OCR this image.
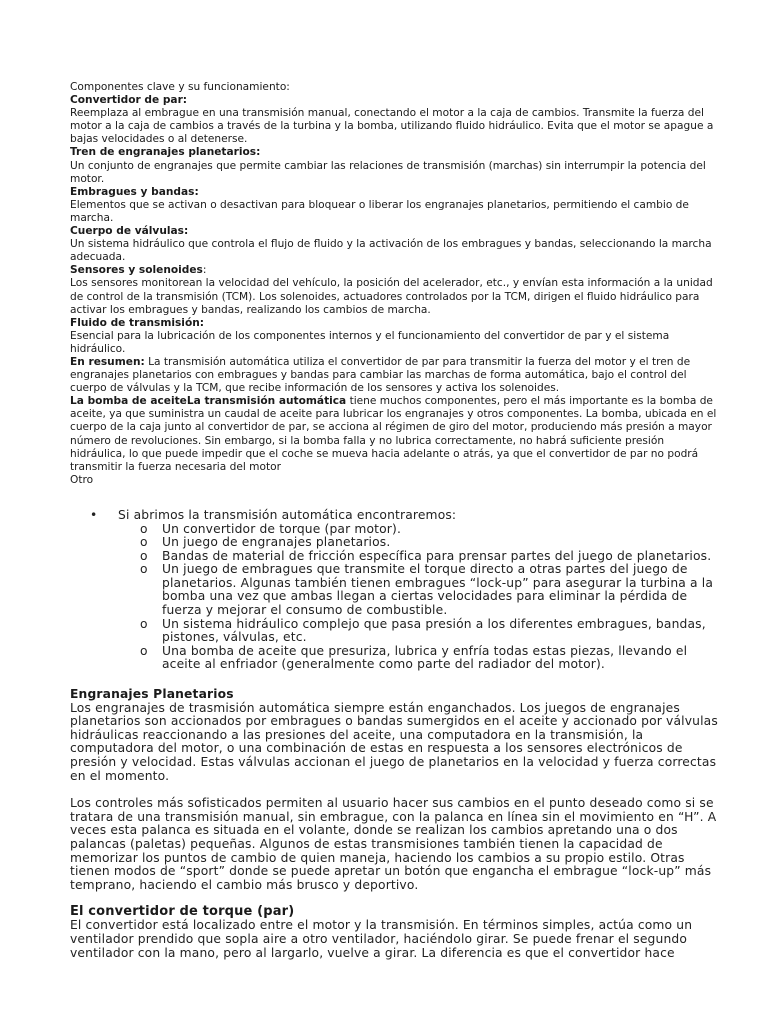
Componentes clave y su funcionamiento:

Convertidor de par:

Reemplaza al embrague en una transmisión manual, conectando el motor a la caja de cambios. Transmite la fuerza del motor a la caja de cambios a través de la turbina y la bomba, utilizando fluido hidráulico. Evita que el motor se apague a bajas velocidades o al detenerse.

Tren de engranajes planetarios:

Un conjunto de engranajes que permite cambiar las relaciones de transmisión (marchas) sin interrumpir la potencia del motor.

Embragues y bandas:

Elementos que se activan o desactivan para bloquear o liberar los engranajes planetarios, permitiendo el cambio de marcha.

Cuerpo de válvulas:

Un sistema hidráulico que controla el flujo de fluido y la activación de los embragues y bandas, seleccionando la marcha adecuada.

Sensores y solenoides:

Los sensores monitorean la velocidad del vehículo, la posición del acelerador, etc., y envían esta información a la unidad de control de la transmisión (TCM). Los solenoides, actuadores controlados por la TCM, dirigen el fluido hidráulico para activar los embragues y bandas, realizando los cambios de marcha.

Fluido de transmisión:

Esencial para la lubricación de los componentes internos y el funcionamiento del convertidor de par y el sistema hidráulico.

En resumen: La transmisión automática utiliza el convertidor de par para transmitir la fuerza del motor y el tren de engranajes planetarios con embragues y bandas para cambiar las marchas de forma automática, bajo el control del cuerpo de válvulas y la TCM, que recibe información de los sensores y activa los solenoides.

La bomba de aceiteLa transmisión automática tiene muchos componentes, pero el más importante es la bomba de aceite, ya que suministra un caudal de aceite para lubricar los engranajes y otros componentes. La bomba, ubicada en el cuerpo de la caja junto al convertidor de par, se acciona al régimen de giro del motor, produciendo más presión a mayor número de revoluciones. Sin embargo, si la bomba falla y no lubrica correctamente, no habrá suficiente presión hidráulica, lo que puede impedir que el coche se mueva hacia adelante o atrás, ya que el convertidor de par no podrá transmitir la fuerza necesaria del motor

Otro

• Si abrimos la transmisión automática encontraremos:
o Un convertidor de torque (par motor).
o Un juego de engranajes planetarios.
o Bandas de material de fricción específica para prensar partes del juego de planetarios.
o Un juego de embragues que transmite el torque directo a otras partes del juego de planetarios. Algunas también tienen embragues “lock-up” para asegurar la turbina a la bomba una vez que ambas llegan a ciertas velocidades para eliminar la pérdida de fuerza y mejorar el consumo de combustible.
o Un sistema hidráulico complejo que pasa presión a los diferentes embragues, bandas, pistones, válvulas, etc.
o Una bomba de aceite que presuriza, lubrica y enfría todas estas piezas, llevando el aceite al enfriador (generalmente como parte del radiador del motor).
Engranajes Planetarios

Los engranajes de trasmisión automática siempre están enganchados. Los juegos de engranajes planetarios son accionados por embragues o bandas sumergidos en el aceite y accionado por válvulas hidráulicas reaccionando a las presiones del aceite, una computadora en la transmisión, la computadora del motor, o una combinación de estas en respuesta a los sensores electrónicos de presión y velocidad. Estas válvulas accionan el juego de planetarios en la velocidad y fuerza correctas en el momento.

Los controles más sofisticados permiten al usuario hacer sus cambios en el punto deseado como si se tratara de una transmisión manual, sin embrague, con la palanca en línea sin el movimiento en “H”. A veces esta palanca es situada en el volante, donde se realizan los cambios apretando una o dos palancas (paletas) pequeñas. Algunos de estas transmisiones también tienen la capacidad de memorizar los puntos de cambio de quien maneja, haciendo los cambios a su propio estilo. Otras tienen modos de “sport” donde se puede apretar un botón que engancha el embrague “lock-up” más temprano, haciendo el cambio más brusco y deportivo.

El convertidor de torque (par)

El convertidor está localizado entre el motor y la transmisión. En términos simples, actúa como un ventilador prendido que sopla aire a otro ventilador, haciéndolo girar. Se puede frenar el segundo ventilador con la mano, pero al largarlo, vuelve a girar. La diferencia es que el convertidor hace
